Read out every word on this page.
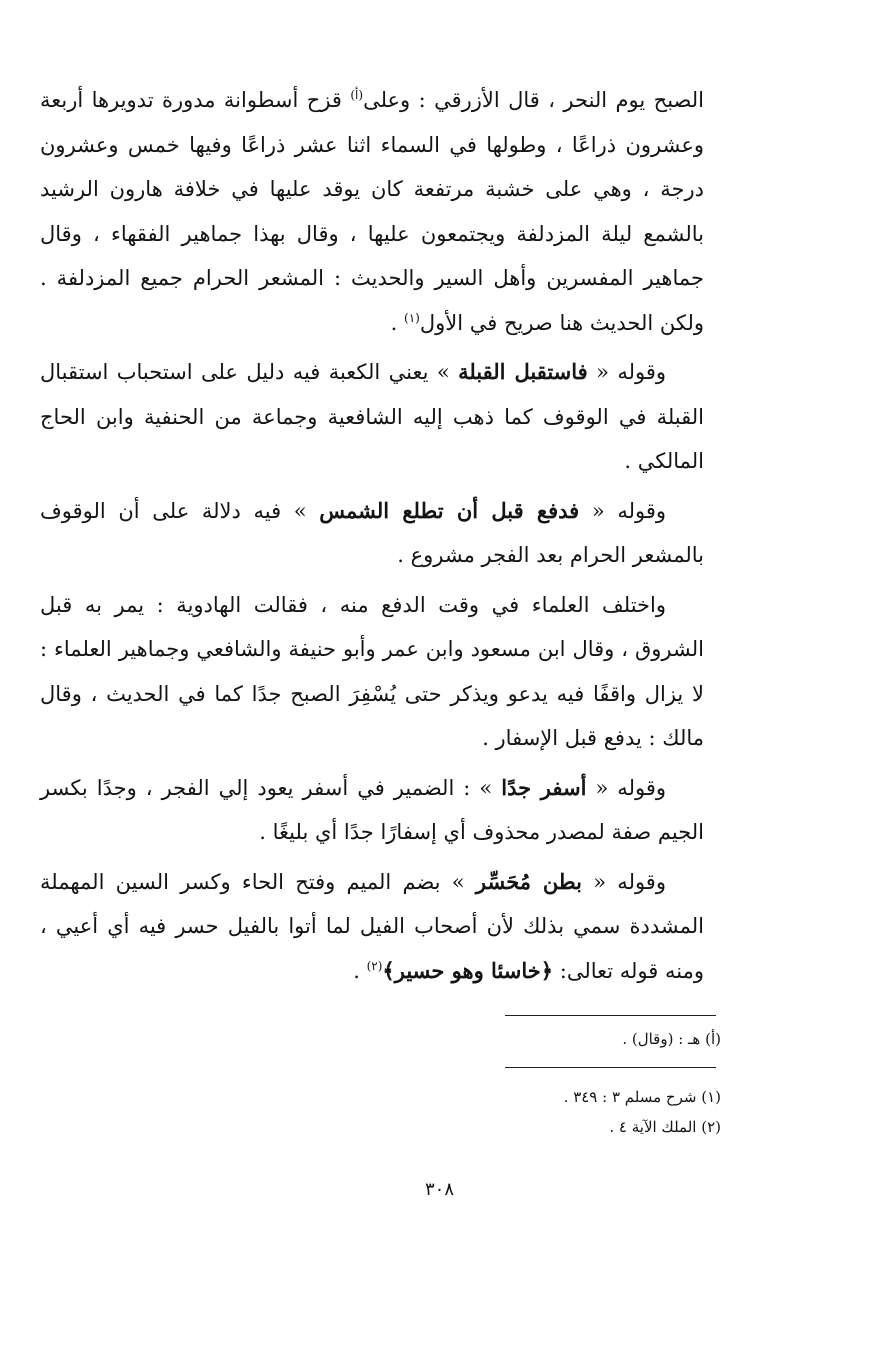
الصبح يوم النحر ، قال الأزرقي : وعلى$^{(أ)}$ قزح أسطوانة مدورة تدويرها أربعة وعشرون ذراعًا ، وطولها في السماء اثنا عشر ذراعًا وفيها خمس وعشرون درجة ، وهي على خشبة مرتفعة كان يوقد عليها في خلافة هارون الرشيد بالشمع ليلة المزدلفة ويجتمعون عليها ، وقال بهذا جماهير الفقهاء ، وقال جماهير المفسرين وأهل السير والحديث : المشعر الحرام جميع المزدلفة . ولكن الحديث هنا صريح في الأول$^{(١)}$ .

وقوله « فاستقبل القبلة » يعني الكعبة فيه دليل على استحباب استقبال القبلة في الوقوف كما ذهب إليه الشافعية وجماعة من الحنفية وابن الحاج المالكي .

وقوله « فدفع قبل أن تطلع الشمس » فيه دلالة على أن الوقوف بالمشعر الحرام بعد الفجر مشروع .

واختلف العلماء في وقت الدفع منه ، فقالت الهادوية : يمر به قبل الشروق ، وقال ابن مسعود وابن عمر وأبو حنيفة والشافعي وجماهير العلماء : لا يزال واقفًا فيه يدعو ويذكر حتى يُسْفِرَ الصبح جدًا كما في الحديث ، وقال مالك : يدفع قبل الإسفار .

وقوله « أسفر جدًا » : الضمير في أسفر يعود إلي الفجر ، وجدًا بكسر الجيم صفة لمصدر محذوف أي إسفارًا جدًا أي بليغًا .

وقوله « بطن مُحَسِّر » بضم الميم وفتح الحاء وكسر السين المهملة المشددة سمي بذلك لأن أصحاب الفيل لما أتوا بالفيل حسر فيه أي أعيي ، ومنه قوله تعالى: ﴿خاسئا وهو حسير﴾$^{(٢)}$ .

(أ) هـ : (وقال) .

(١) شرح مسلم ٣ : ٣٤٩ .

(٢) الملك الآية ٤ .

٣٠٨
